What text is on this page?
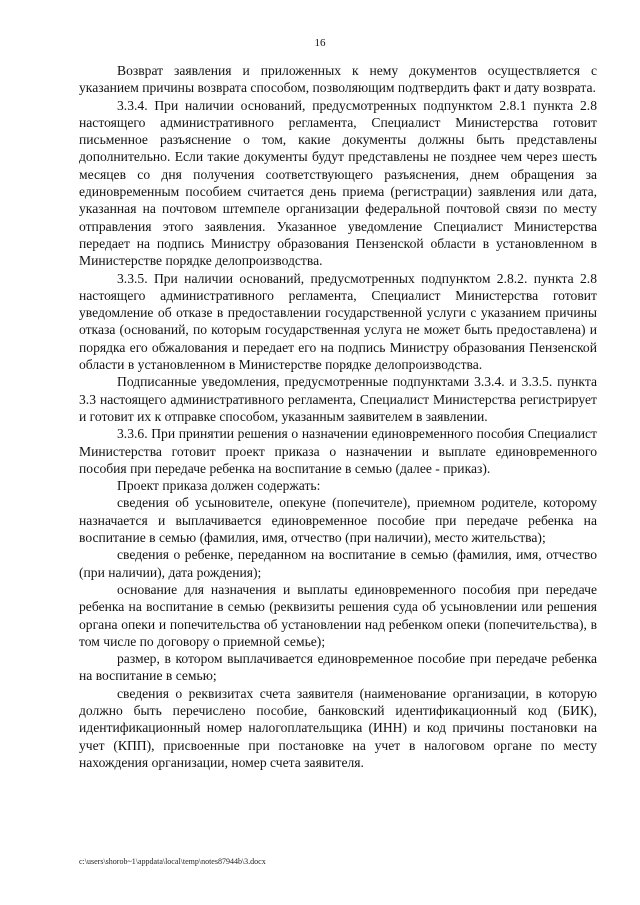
16

Возврат заявления и приложенных к нему документов осуществляется с указанием причины возврата способом, позволяющим подтвердить факт и дату возврата.

3.3.4. При наличии оснований, предусмотренных подпунктом 2.8.1 пункта 2.8 настоящего административного регламента, Специалист Министерства готовит письменное разъяснение о том, какие документы должны быть представлены дополнительно. Если такие документы будут представлены не позднее чем через шесть месяцев со дня получения соответствующего разъяснения, днем обращения за единовременным пособием считается день приема (регистрации) заявления или дата, указанная на почтовом штемпеле организации федеральной почтовой связи по месту отправления этого заявления. Указанное уведомление Специалист Министерства передает на подпись Министру образования Пензенской области в установленном в Министерстве порядке делопроизводства.

3.3.5. При наличии оснований, предусмотренных подпунктом 2.8.2. пункта 2.8 настоящего административного регламента, Специалист Министерства готовит уведомление об отказе в предоставлении государственной услуги с указанием причины отказа (оснований, по которым государственная услуга не может быть предоставлена) и порядка его обжалования и передает его на подпись Министру образования Пензенской области в установленном в Министерстве порядке делопроизводства.

Подписанные уведомления, предусмотренные подпунктами 3.3.4. и 3.3.5. пункта 3.3 настоящего административного регламента, Специалист Министерства регистрирует и готовит их к отправке способом, указанным заявителем в заявлении.

3.3.6. При принятии решения о назначении единовременного пособия Специалист Министерства готовит проект приказа о назначении и выплате единовременного пособия при передаче ребенка на воспитание в семью (далее - приказ).

Проект приказа должен содержать:

сведения об усыновителе, опекуне (попечителе), приемном родителе, которому назначается и выплачивается единовременное пособие при передаче ребенка на воспитание в семью (фамилия, имя, отчество (при наличии), место жительства);

сведения о ребенке, переданном на воспитание в семью (фамилия, имя, отчество (при наличии), дата рождения);

основание для назначения и выплаты единовременного пособия при передаче ребенка на воспитание в семью (реквизиты решения суда об усыновлении или решения органа опеки и попечительства об установлении над ребенком опеки (попечительства), в том числе по договору о приемной семье);

размер, в котором выплачивается единовременное пособие при передаче ребенка на воспитание в семью;

сведения о реквизитах счета заявителя (наименование организации, в которую должно быть перечислено пособие, банковский идентификационный код (БИК), идентификационный номер налогоплательщика (ИНН) и код причины постановки на учет (КПП), присвоенные при постановке на учет в налоговом органе по месту нахождения организации, номер счета заявителя.

c:\users\shorob~1\appdata\local\temp\notes87944b\3.docx
